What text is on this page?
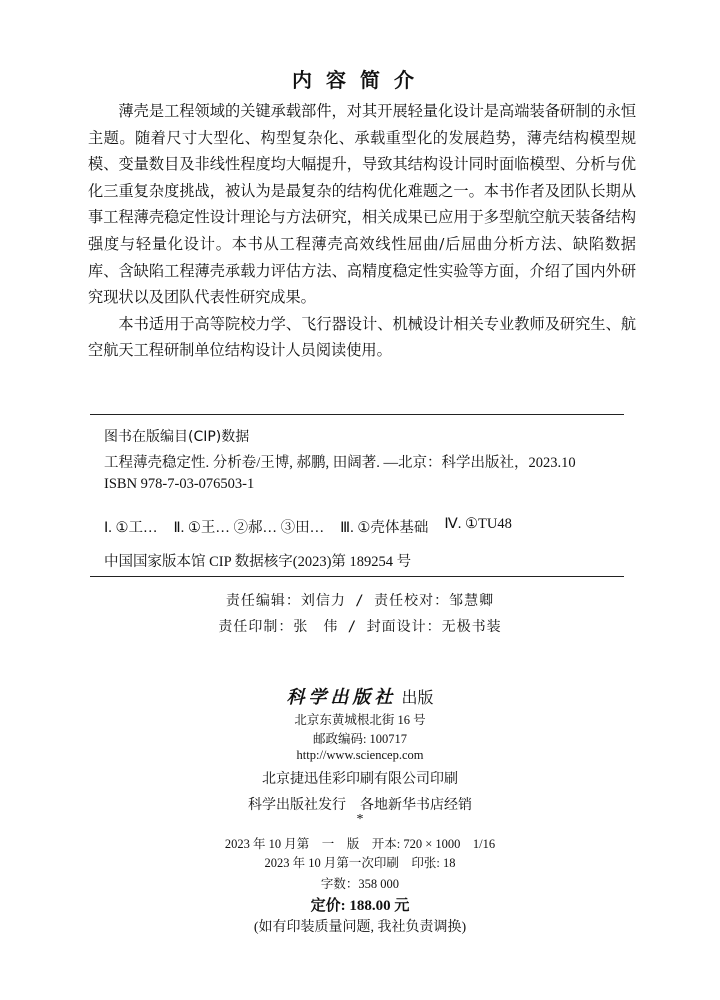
内容简介

薄壳是工程领域的关键承载部件，对其开展轻量化设计是高端装备研制的永恒主题。随着尺寸大型化、构型复杂化、承载重型化的发展趋势，薄壳结构模型规模、变量数目及非线性程度均大幅提升，导致其结构设计同时面临模型、分析与优化三重复杂度挑战，被认为是最复杂的结构优化难题之一。本书作者及团队长期从事工程薄壳稳定性设计理论与方法研究，相关成果已应用于多型航空航天装备结构强度与轻量化设计。本书从工程薄壳高效线性屈曲/后屈曲分析方法、缺陷数据库、含缺陷工程薄壳承载力评估方法、高精度稳定性实验等方面，介绍了国内外研究现状以及团队代表性研究成果。

本书适用于高等院校力学、飞行器设计、机械设计相关专业教师及研究生、航空航天工程研制单位结构设计人员阅读使用。

图书在版编目(CIP)数据
工程薄壳稳定性. 分析卷/王博, 郝鹏, 田阔著. —北京：科学出版社，2023.10
ISBN 978-7-03-076503-1
Ⅰ. ①工… Ⅱ. ①王… ②郝… ③田… Ⅲ. ①壳体基础 Ⅳ. ①TU48
中国国家版本馆 CIP 数据核字(2023)第 189254 号
责任编辑：刘信力 / 责任校对：邹慧卿
责任印制：张　伟 / 封面设计：无极书装
科学出版社 出版
北京东黄城根北街 16 号
邮政编码: 100717
http://www.sciencep.com
北京捷迅佳彩印刷有限公司印刷
科学出版社发行　各地新华书店经销
*
2023 年 10 月第　一　版　开本: 720 × 1000　1/16
2023 年 10 月第一次印刷　印张: 18
字数：358 000
定价: 188.00 元
(如有印装质量问题, 我社负责调换)
